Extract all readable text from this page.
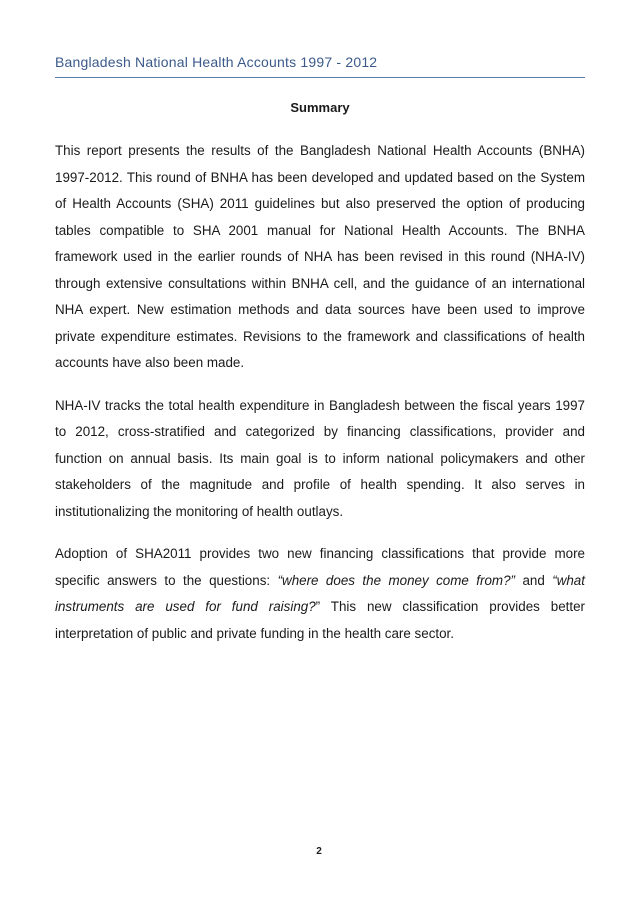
Bangladesh National Health Accounts 1997 - 2012
Summary

This report presents the results of the Bangladesh National Health Accounts (BNHA) 1997-2012. This round of BNHA has been developed and updated based on the System of Health Accounts (SHA) 2011 guidelines but also preserved the option of producing tables compatible to SHA 2001 manual for National Health Accounts. The BNHA framework used in the earlier rounds of NHA has been revised in this round (NHA-IV) through extensive consultations within BNHA cell, and the guidance of an international NHA expert. New estimation methods and data sources have been used to improve private expenditure estimates. Revisions to the framework and classifications of health accounts have also been made.

NHA-IV tracks the total health expenditure in Bangladesh between the fiscal years 1997 to 2012, cross-stratified and categorized by financing classifications, provider and function on annual basis. Its main goal is to inform national policymakers and other stakeholders of the magnitude and profile of health spending. It also serves in institutionalizing the monitoring of health outlays.

Adoption of SHA2011 provides two new financing classifications that provide more specific answers to the questions: “where does the money come from?” and “what instruments are used for fund raising?” This new classification provides better interpretation of public and private funding in the health care sector.

2
